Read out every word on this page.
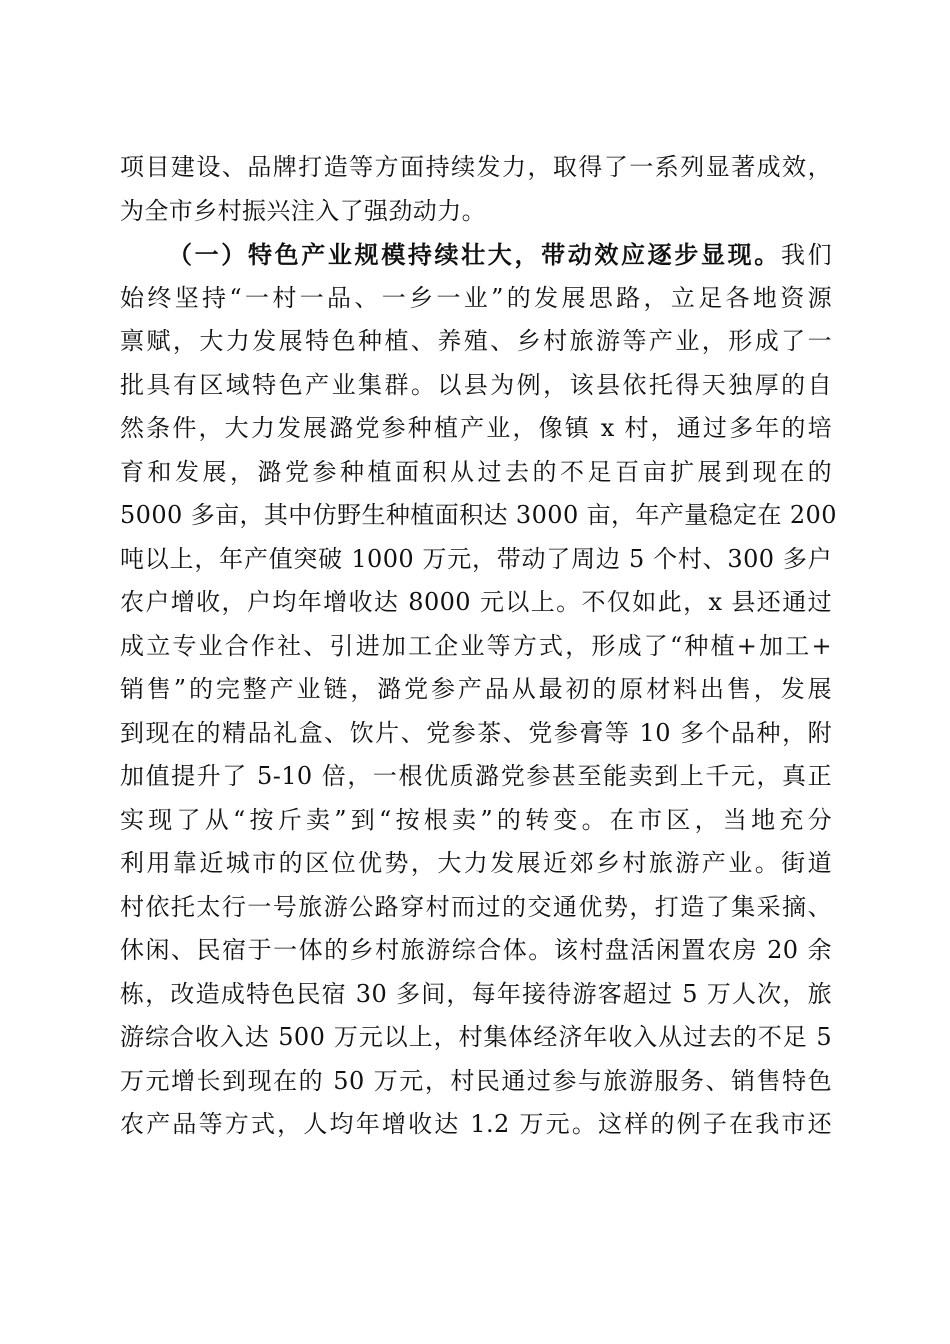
项目建设、品牌打造等方面持续发力，取得了一系列显著成效，
为全市乡村振兴注入了强劲动力。
（一）特色产业规模持续壮大，带动效应逐步显现。我们
始终坚持“一村一品、一乡一业”的发展思路，立足各地资源
禀赋，大力发展特色种植、养殖、乡村旅游等产业，形成了一
批具有区域特色产业集群。以县为例，该县依托得天独厚的自
然条件，大力发展潞党参种植产业，像镇 x 村，通过多年的培
育和发展，潞党参种植面积从过去的不足百亩扩展到现在的
5000 多亩，其中仿野生种植面积达 3000 亩，年产量稳定在 200
吨以上，年产值突破 1000 万元，带动了周边 5 个村、300 多户
农户增收，户均年增收达 8000 元以上。不仅如此，x 县还通过
成立专业合作社、引进加工企业等方式，形成了“种植+加工+
销售”的完整产业链，潞党参产品从最初的原材料出售，发展
到现在的精品礼盒、饮片、党参茶、党参膏等 10 多个品种，附
加值提升了 5-10 倍，一根优质潞党参甚至能卖到上千元，真正
实现了从“按斤卖”到“按根卖”的转变。在市区，当地充分
利用靠近城市的区位优势，大力发展近郊乡村旅游产业。街道
村依托太行一号旅游公路穿村而过的交通优势，打造了集采摘、
休闲、民宿于一体的乡村旅游综合体。该村盘活闲置农房 20 余
栋，改造成特色民宿 30 多间，每年接待游客超过 5 万人次，旅
游综合收入达 500 万元以上，村集体经济年收入从过去的不足 5
万元增长到现在的 50 万元，村民通过参与旅游服务、销售特色
农产品等方式，人均年增收达 1.2 万元。这样的例子在我市还
